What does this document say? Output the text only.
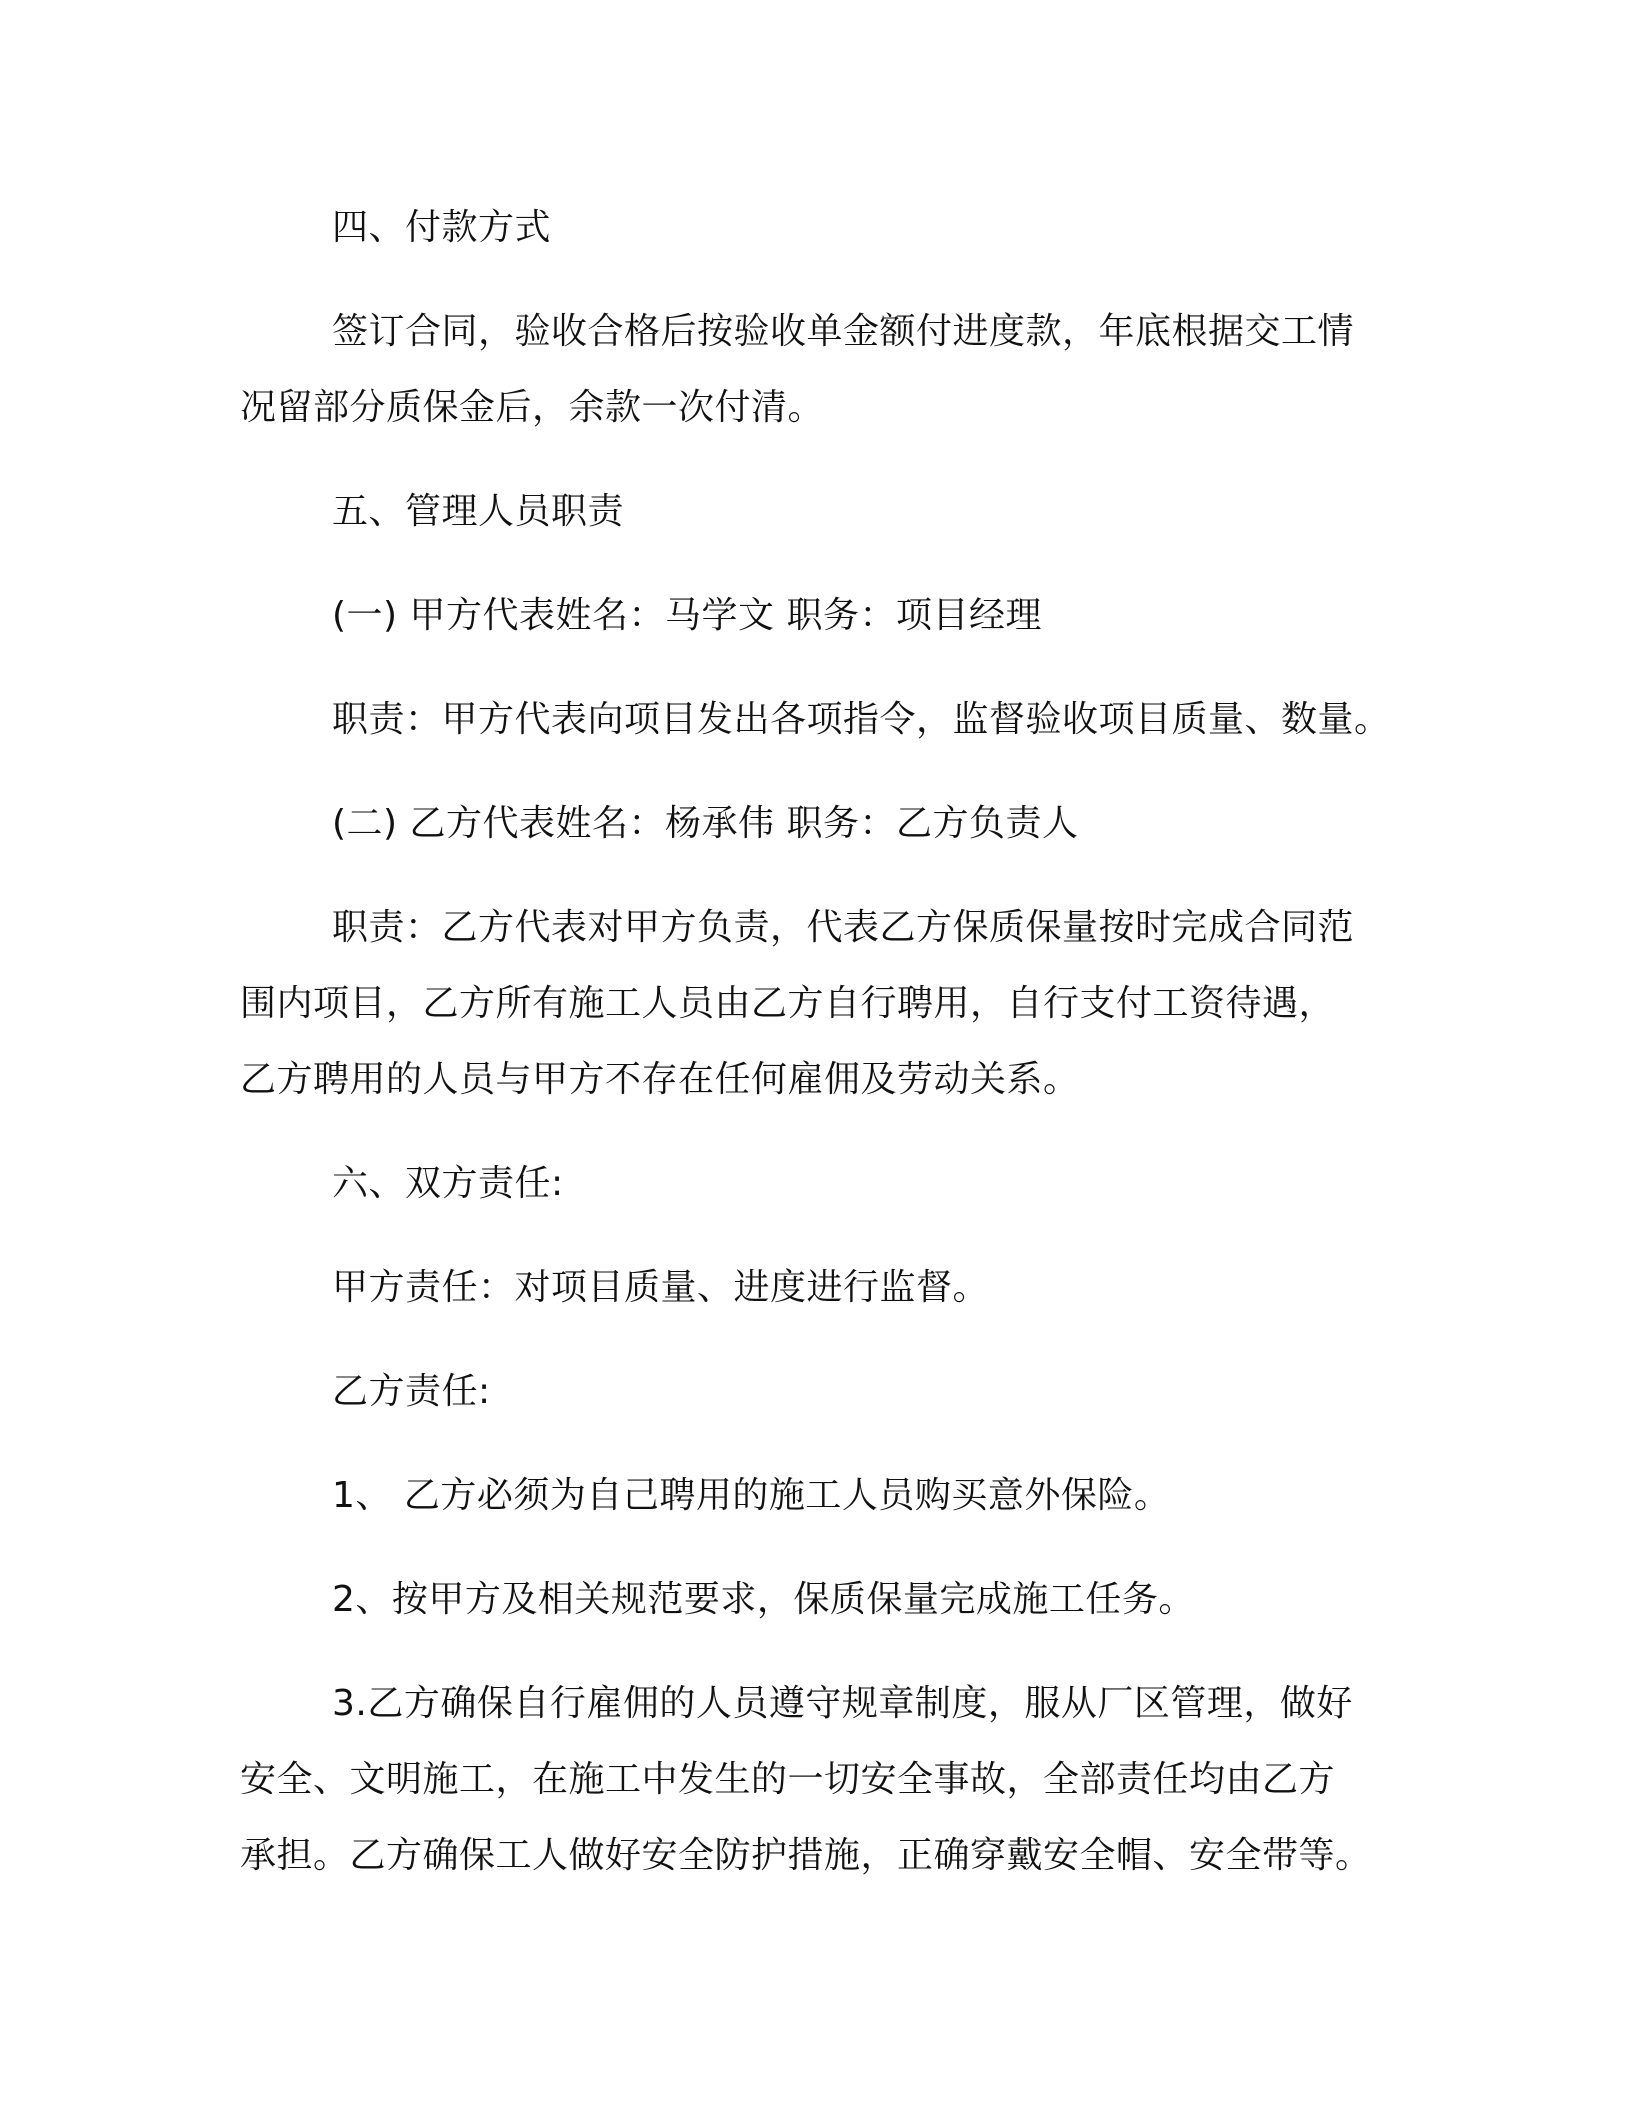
四、付款方式
签订合同，验收合格后按验收单金额付进度款，年底根据交工情
况留部分质保金后，余款一次付清。
五、管理人员职责
(一) 甲方代表姓名：马学文 职务：项目经理
职责：甲方代表向项目发出各项指令，监督验收项目质量、数量。
(二) 乙方代表姓名：杨承伟 职务：乙方负责人
职责：乙方代表对甲方负责，代表乙方保质保量按时完成合同范
围内项目，乙方所有施工人员由乙方自行聘用，自行支付工资待遇，
乙方聘用的人员与甲方不存在任何雇佣及劳动关系。
六、双方责任:
甲方责任：对项目质量、进度进行监督。
乙方责任:
1、 乙方必须为自己聘用的施工人员购买意外保险。
2、按甲方及相关规范要求，保质保量完成施工任务。
3.乙方确保自行雇佣的人员遵守规章制度，服从厂区管理，做好
安全、文明施工，在施工中发生的一切安全事故，全部责任均由乙方
承担。乙方确保工人做好安全防护措施，正确穿戴安全帽、安全带等。
